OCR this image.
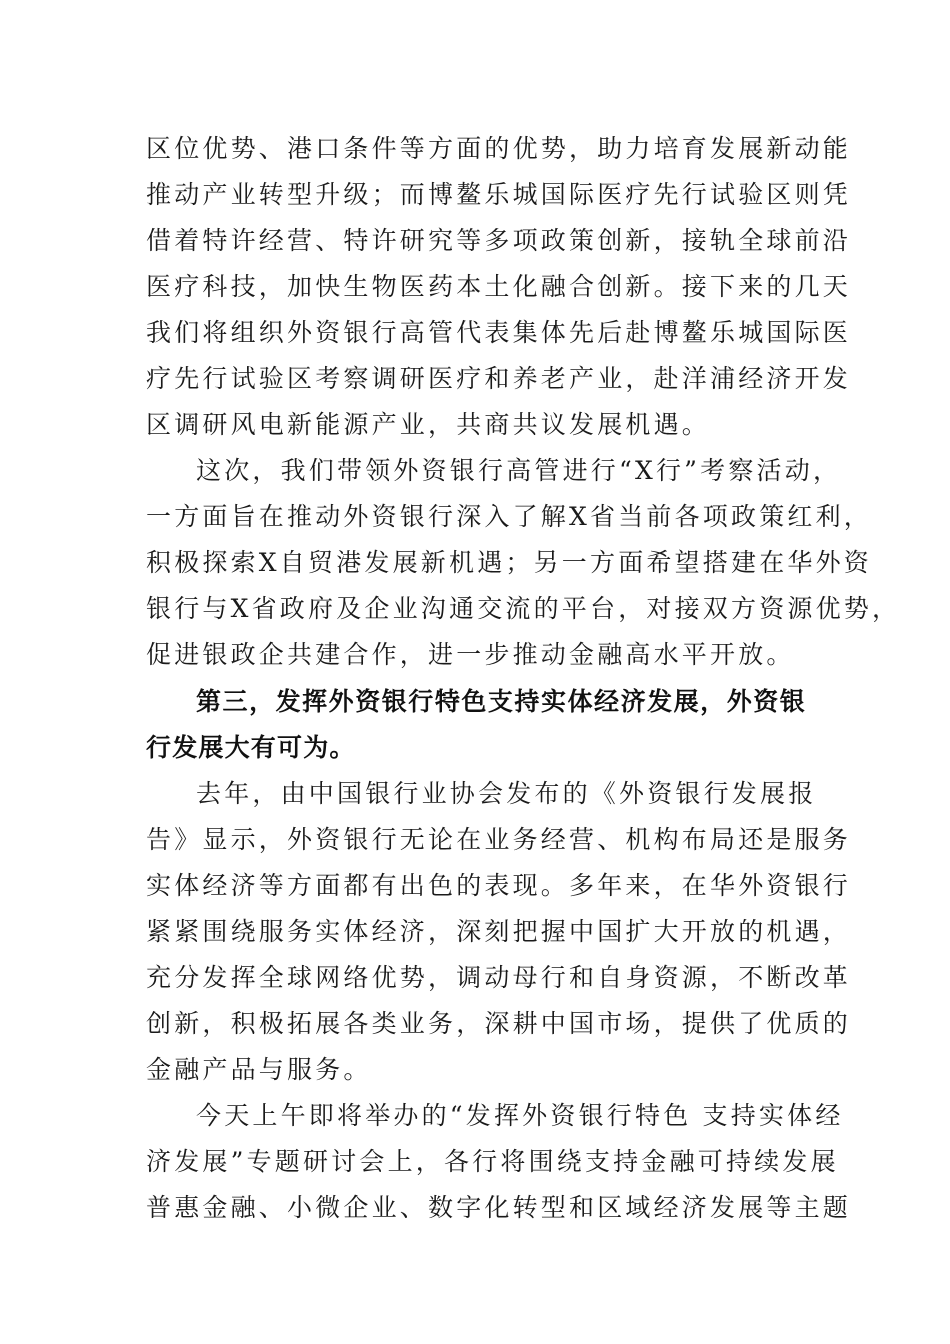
区位优势、港口条件等方面的优势，助力培育发展新动能
推动产业转型升级；而博鳌乐城国际医疗先行试验区则凭
借着特许经营、特许研究等多项政策创新，接轨全球前沿
医疗科技，加快生物医药本土化融合创新。接下来的几天
我们将组织外资银行高管代表集体先后赴博鳌乐城国际医
疗先行试验区考察调研医疗和养老产业，赴洋浦经济开发
区调研风电新能源产业，共商共议发展机遇。
这次，我们带领外资银行高管进行“X行”考察活动，
一方面旨在推动外资银行深入了解X省当前各项政策红利，
积极探索X自贸港发展新机遇；另一方面希望搭建在华外资
银行与X省政府及企业沟通交流的平台，对接双方资源优势，
促进银政企共建合作，进一步推动金融高水平开放。
第三，发挥外资银行特色支持实体经济发展，外资银
行发展大有可为。
去年，由中国银行业协会发布的《外资银行发展报
告》显示，外资银行无论在业务经营、机构布局还是服务
实体经济等方面都有出色的表现。多年来，在华外资银行
紧紧围绕服务实体经济，深刻把握中国扩大开放的机遇，
充分发挥全球网络优势，调动母行和自身资源，不断改革
创新，积极拓展各类业务，深耕中国市场，提供了优质的
金融产品与服务。
今天上午即将举办的“发挥外资银行特色 支持实体经
济发展”专题研讨会上，各行将围绕支持金融可持续发展
普惠金融、小微企业、数字化转型和区域经济发展等主题
